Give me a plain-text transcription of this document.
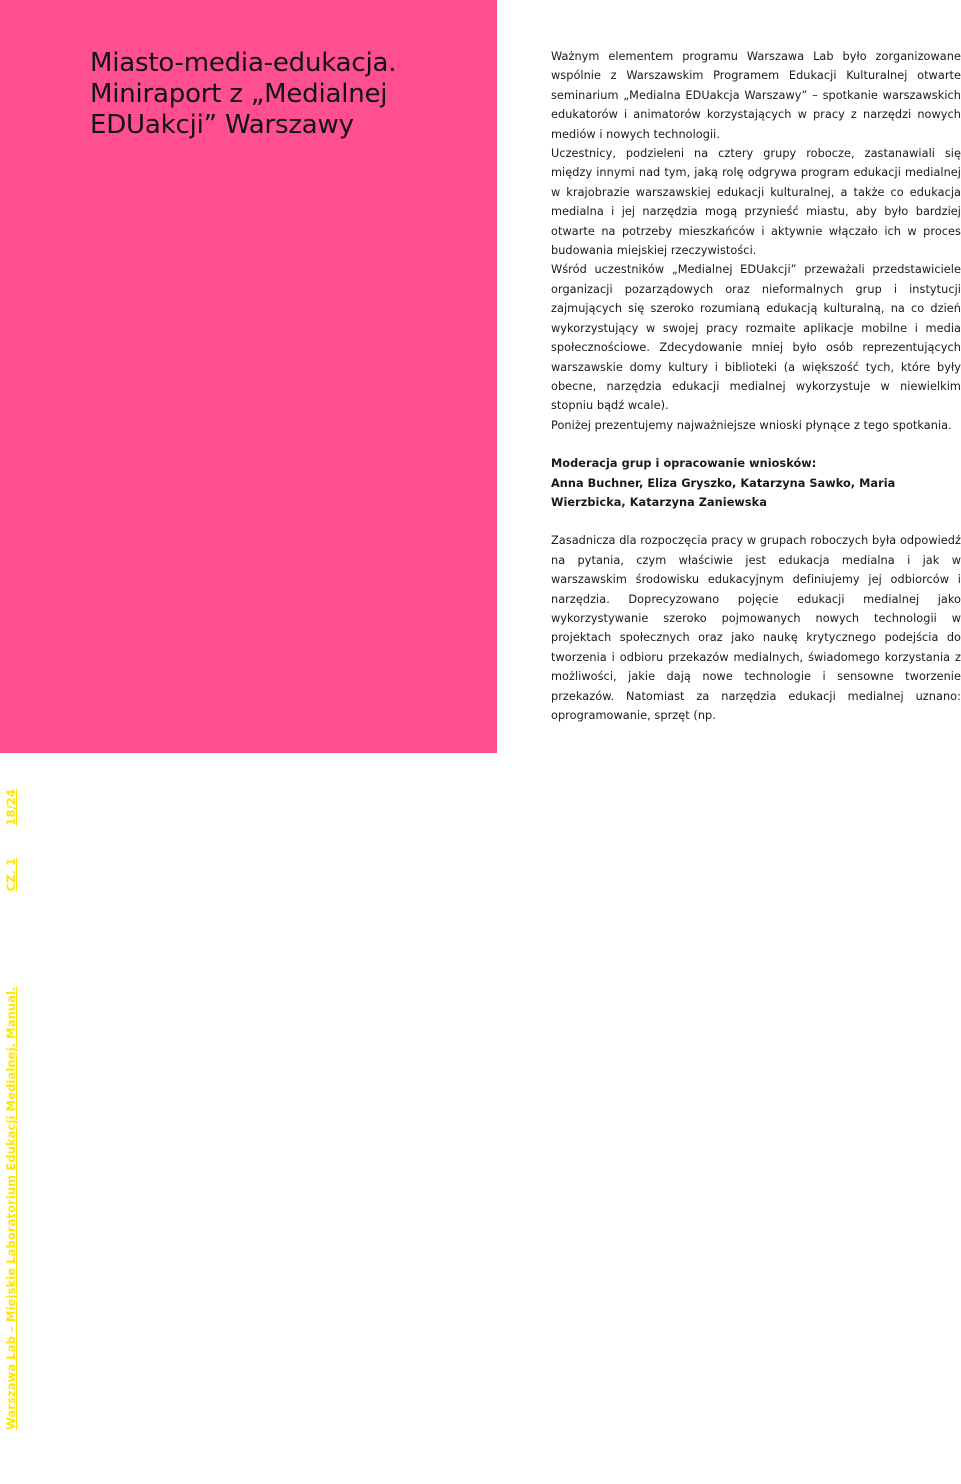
Warszawa Lab – Miejskie Laboratorium Edukacji Medialnej. Manual.
CZ. 1
18/24
Miasto-media-edukacja.
Miniraport z „Medialnej
EDUakcji” Warszawy

Ważnym elementem programu Warszawa Lab było zorganizowane wspólnie z Warszawskim Programem Edukacji Kulturalnej otwarte seminarium „Medialna EDUakcja Warszawy” – spotkanie warszawskich edukatorów i animatorów korzystających w pracy z narzędzi nowych mediów i nowych technologii.

Uczestnicy, podzieleni na cztery grupy robocze, zastanawiali się między innymi nad tym, jaką rolę odgrywa program edukacji medialnej w krajobrazie warszawskiej edukacji kulturalnej, a także co edukacja medialna i jej narzędzia mogą przynieść miastu, aby było bardziej otwarte na potrzeby mieszkańców i aktywnie włączało ich w proces budowania miejskiej rzeczywistości.

Wśród uczestników „Medialnej EDUakcji” przeważali przedstawiciele organizacji pozarządowych oraz nieformalnych grup i instytucji zajmujących się szeroko rozumianą edukacją kulturalną, na co dzień wykorzystujący w swojej pracy rozmaite aplikacje mobilne i media społecznościowe. Zdecydowanie mniej było osób reprezentujących warszawskie domy kultury i biblioteki (a większość tych, które były obecne, narzędzia edukacji medialnej wykorzystuje w niewielkim stopniu bądź wcale).

Poniżej prezentujemy najważniejsze wnioski płynące z tego spotkania.

Moderacja grup i opracowanie wniosków:

Anna Buchner, Eliza Gryszko, Katarzyna Sawko, Maria Wierzbicka, Katarzyna Zaniewska

Zasadnicza dla rozpoczęcia pracy w grupach roboczych była odpowiedź na pytania, czym właściwie jest edukacja medialna i jak w warszawskim środowisku edukacyjnym definiujemy jej odbiorców i narzędzia. Doprecyzowano pojęcie edukacji medialnej jako wykorzystywanie szeroko pojmowanych nowych technologii w projektach społecznych oraz jako naukę krytycznego podejścia do tworzenia i odbioru przekazów medialnych, świadomego korzystania z możliwości, jakie dają nowe technologie i sensowne tworzenie przekazów. Natomiast za narzędzia edukacji medialnej uznano: oprogramowanie, sprzęt (np.
